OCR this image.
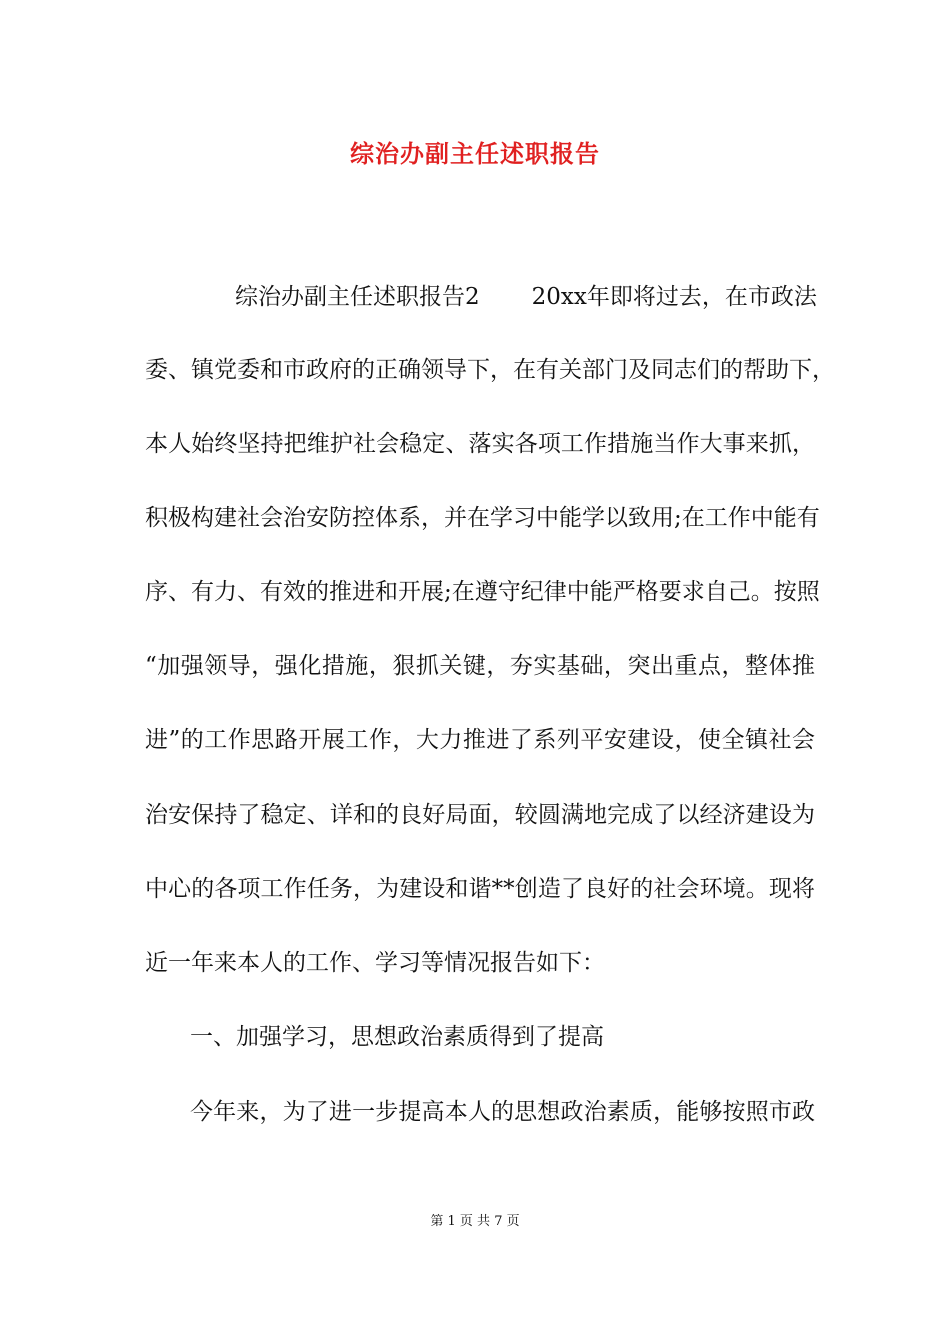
综治办副主任述职报告
综治办副主任述职报告2 20xx年即将过去，在市政法
委、镇党委和市政府的正确领导下，在有关部门及同志们的帮助下，
本人始终坚持把维护社会稳定、落实各项工作措施当作大事来抓，
积极构建社会治安防控体系，并在学习中能学以致用;在工作中能有
序、有力、有效的推进和开展;在遵守纪律中能严格要求自己。按照
“加强领导，强化措施，狠抓关键，夯实基础，突出重点，整体推
进”的工作思路开展工作，大力推进了系列平安建设，使全镇社会
治安保持了稳定、详和的良好局面，较圆满地完成了以经济建设为
中心的各项工作任务，为建设和谐**创造了良好的社会环境。现将
近一年来本人的工作、学习等情况报告如下：
一、加强学习，思想政治素质得到了提高
今年来，为了进一步提高本人的思想政治素质，能够按照市政
第 1 页 共 7 页
